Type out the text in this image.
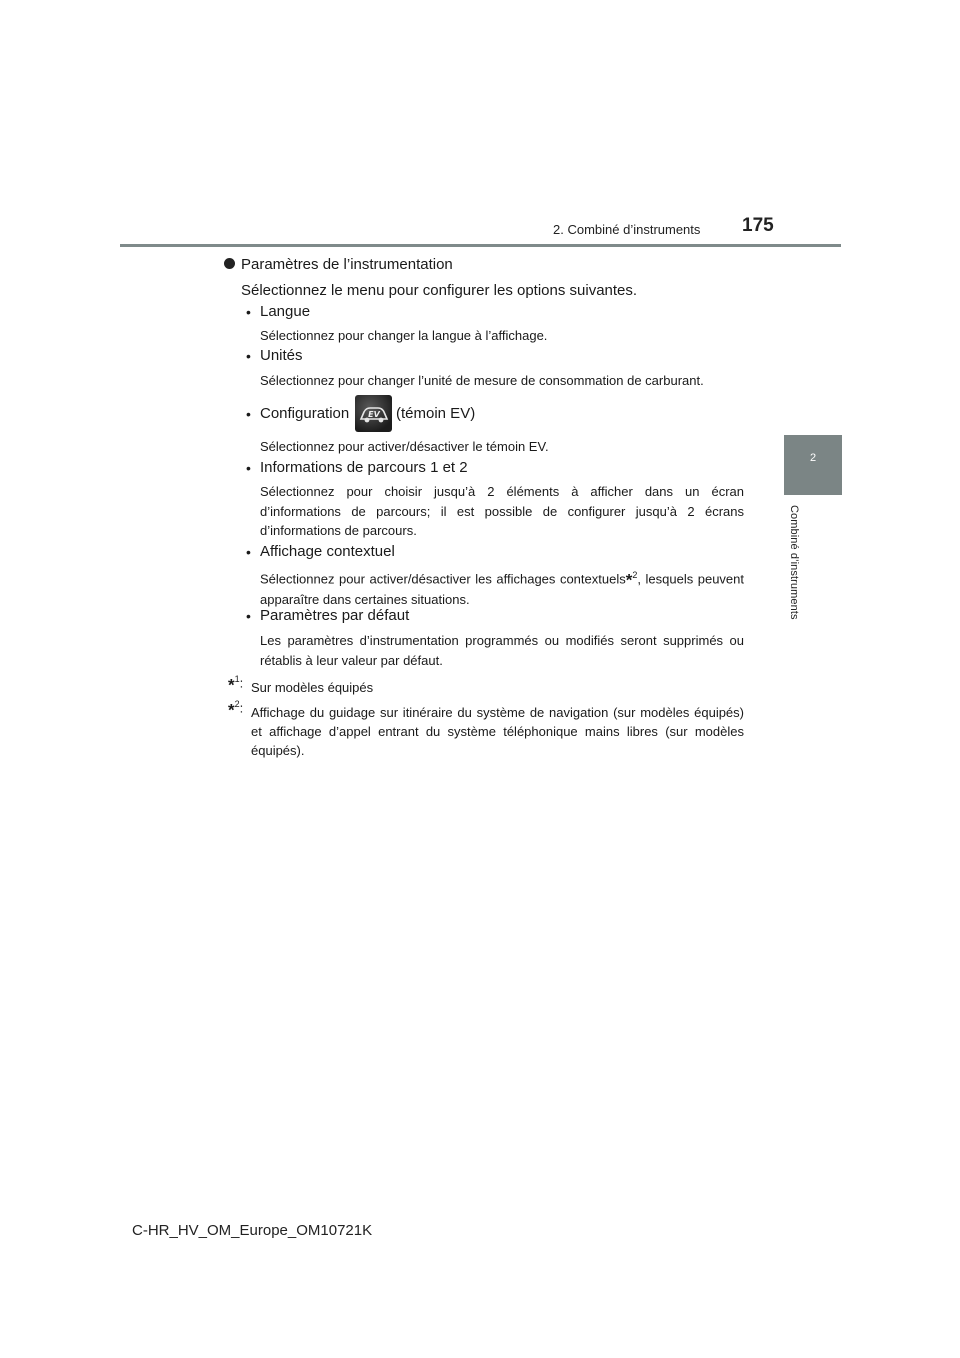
2. Combiné d’instruments 175
2
Combiné d’instruments
Paramètres de l’instrumentation
Sélectionnez le menu pour configurer les options suivantes.
• Langue
Sélectionnez pour changer la langue à l’affichage.
• Unités
Sélectionnez pour changer l’unité de mesure de consommation de carburant.
• Configuration EV (témoin EV)
Sélectionnez pour activer/désactiver le témoin EV.
• Informations de parcours 1 et 2
Sélectionnez pour choisir jusqu’à 2 éléments à afficher dans un écran d’informations de parcours; il est possible de configurer jusqu’à 2 écrans d’informations de parcours.
• Affichage contextuel
Sélectionnez pour activer/désactiver les affichages contextuels*$^2$, lesquels peuvent apparaître dans certaines situations.
• Paramètres par défaut
Les paramètres d’instrumentation programmés ou modifiés seront supprimés ou rétablis à leur valeur par défaut.
*$^1$: Sur modèles équipés
*$^2$: Affichage du guidage sur itinéraire du système de navigation (sur modèles équipés) et affichage d’appel entrant du système téléphonique mains libres (sur modèles équipés).
C-HR_HV_OM_Europe_OM10721K
